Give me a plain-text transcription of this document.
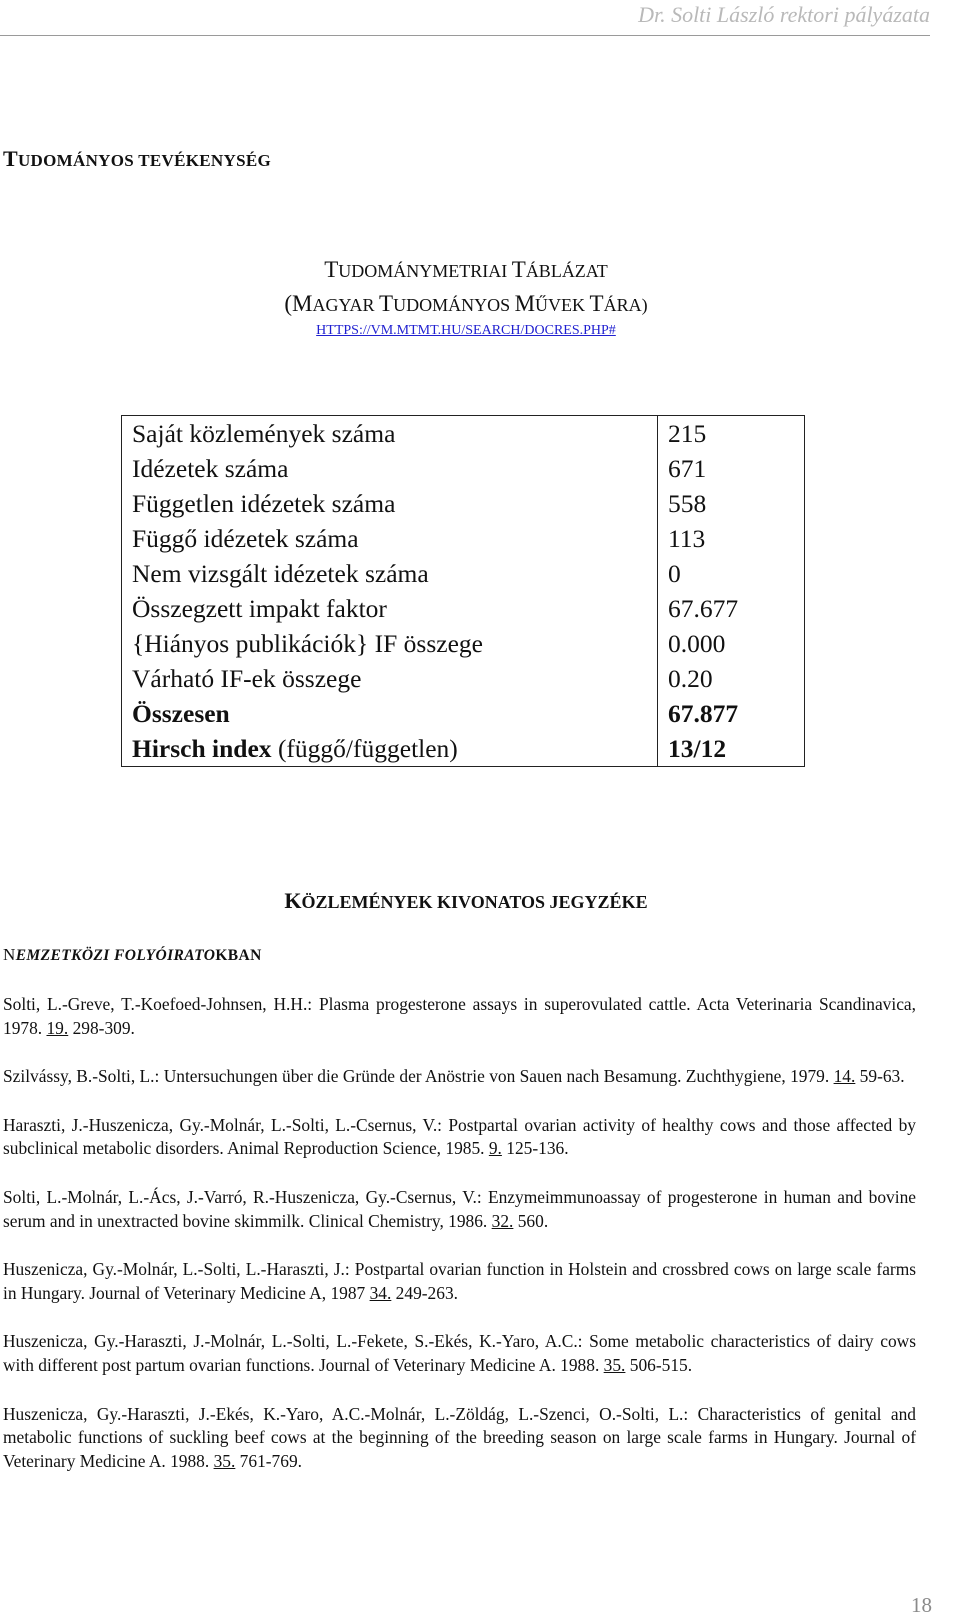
Dr. Solti László rektori pályázata
TUDOMÁNYOS TEVÉKENYSÉG
TUDOMÁNYMETRIAI TÁBLÁZAT
(MAGYAR TUDOMÁNYOS MŰVEK TÁRA)
HTTPS://VM.MTMT.HU/SEARCH/DOCRES.PHP#
Saját közlemények száma	215
Idézetek száma	671
Független idézetek száma	558
Függő idézetek száma	113
Nem vizsgált idézetek száma	0
Összegzett impakt faktor	67.677
{Hiányos publikációk} IF összege	0.000
Várható IF-ek összege	0.20
Összesen	67.877
Hirsch index (függő/független)	13/12
KÖZLEMÉNYEK KIVONATOS JEGYZÉKE
NEMZETKÖZI FOLYÓIRATOKBAN

Solti, L.-Greve, T.-Koefoed-Johnsen, H.H.: Plasma progesterone assays in superovulated cattle. Acta Veterinaria Scandinavica, 1978. 19. 298-309.

Szilvássy, B.-Solti, L.: Untersuchungen über die Gründe der Anöstrie von Sauen nach Besamung. Zuchthygiene, 1979. 14. 59-63.

Haraszti, J.-Huszenicza, Gy.-Molnár, L.-Solti, L.-Csernus, V.: Postpartal ovarian activity of healthy cows and those affected by subclinical metabolic disorders. Animal Reproduction Science, 1985. 9. 125-136.

Solti, L.-Molnár, L.-Ács, J.-Varró, R.-Huszenicza, Gy.-Csernus, V.: Enzymeimmunoassay of progesterone in human and bovine serum and in unextracted bovine skimmilk. Clinical Chemistry, 1986. 32. 560.

Huszenicza, Gy.-Molnár, L.-Solti, L.-Haraszti, J.: Postpartal ovarian function in Holstein and crossbred cows on large scale farms in Hungary. Journal of Veterinary Medicine A, 1987 34. 249-263.

Huszenicza, Gy.-Haraszti, J.-Molnár, L.-Solti, L.-Fekete, S.-Ekés, K.-Yaro, A.C.: Some metabolic characteristics of dairy cows with different post partum ovarian functions. Journal of Veterinary Medicine A. 1988. 35. 506-515.

Huszenicza, Gy.-Haraszti, J.-Ekés, K.-Yaro, A.C.-Molnár, L.-Zöldág, L.-Szenci, O.-Solti, L.: Characteristics of genital and metabolic functions of suckling beef cows at the beginning of the breeding season on large scale farms in Hungary. Journal of Veterinary Medicine A. 1988. 35. 761-769.

18
